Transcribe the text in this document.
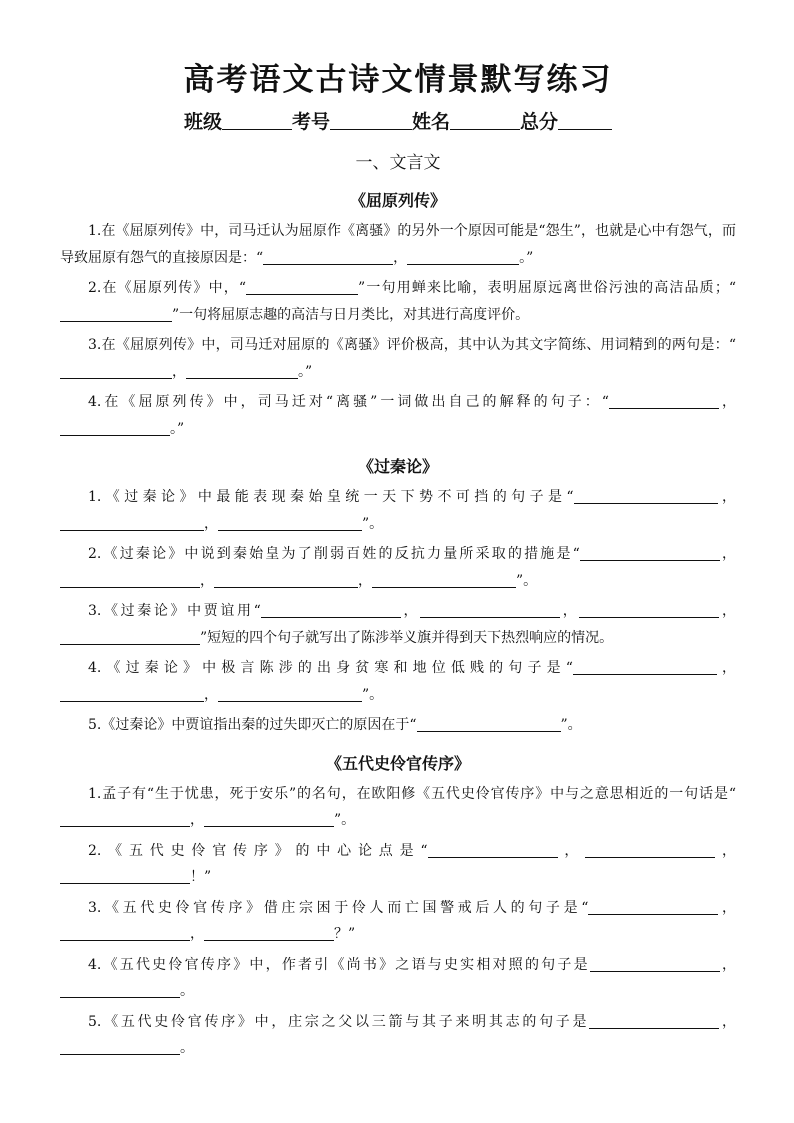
高考语文古诗文情景默写练习
班级	考号	姓名	总分
一、文言文
《屈原列传》

1.在《屈原列传》中，司马迁认为屈原作《离骚》的另外一个原因可能是“怨生”，也就是心中有怨气，而导致屈原有怨气的直接原因是：“	，	。”

2.在《屈原列传》中，“	”一句用蝉来比喻，表明屈原远离世俗污浊的高洁品质；“”一句将屈原志趣的高洁与日月类比，对其进行高度评价。

3.在《屈原列传》中，司马迁对屈原的《离骚》评价极高，其中认为其文字简练、用词精到的两句是：“，	。”

4.在《屈原列传》中，司马迁对“离骚”一词做出自己的解释的句子：“	，。”

《过秦论》

1.《过秦论》中最能表现秦始皇统一天下势不可挡的句子是“	，，	”。

2.《过秦论》中说到秦始皇为了削弱百姓的反抗力量所采取的措施是“	，，	，	”。

3.《过秦论》中贾谊用“	，	，	，”短短的四个句子就写出了陈涉举义旗并得到天下热烈响应的情况。

4.《过秦论》中极言陈涉的出身贫寒和地位低贱的句子是“	，，	”。

5.《过秦论》中贾谊指出秦的过失即灭亡的原因在于“	”。

《五代史伶官传序》

1.孟子有“生于忧患，死于安乐”的名句，在欧阳修《五代史伶官传序》中与之意思相近的一句话是“，	”。

2.《五代史伶官传序》的中心论点是“	，	，！”

3.《五代史伶官传序》借庄宗困于伶人而亡国警戒后人的句子是“	，，	？”

4.《五代史伶官传序》中，作者引《尚书》之语与史实相对照的句子是	，。

5.《五代史伶官传序》中，庄宗之父以三箭与其子来明其志的句子是	，。
